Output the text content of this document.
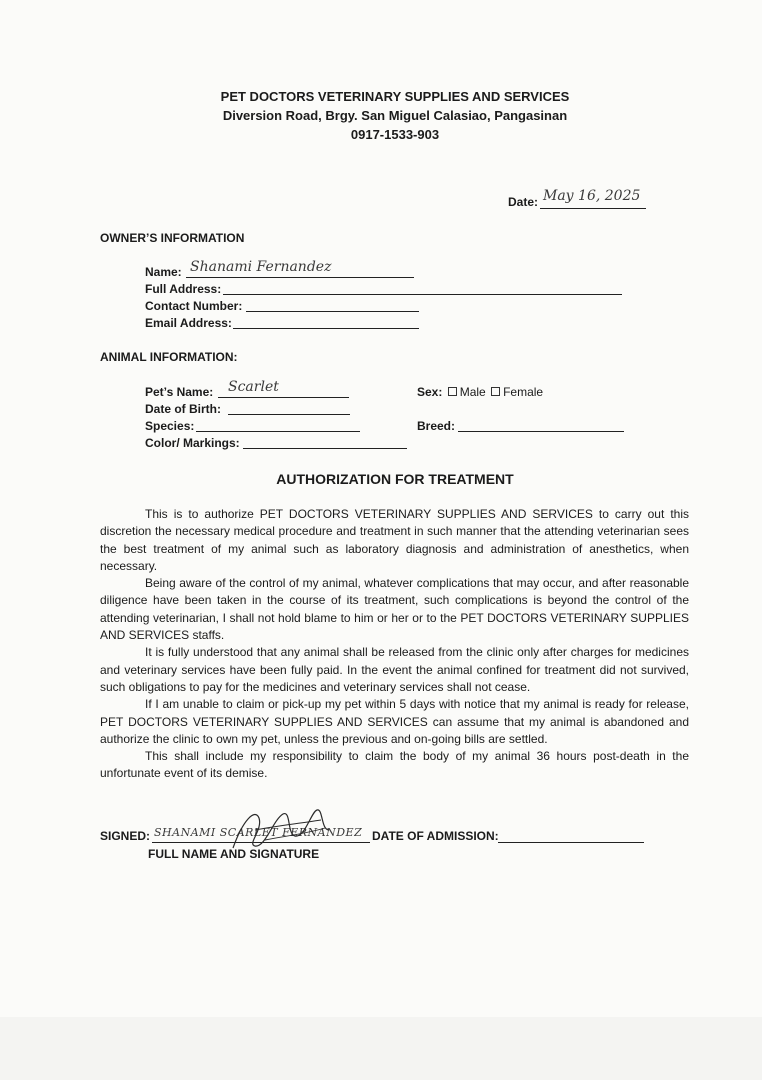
PET DOCTORS VETERINARY SUPPLIES AND SERVICES
Diversion Road, Brgy. San Miguel Calasiao, Pangasinan
0917-1533-903
Date: May 16, 2025
OWNER’S INFORMATION
Name: Shanami Fernandez
Full Address:
Contact Number:
Email Address:
ANIMAL INFORMATION:
Pet’s Name: Scarlet
Date of Birth:
Species:
Color/ Markings:
Sex: Male Female
Breed:
AUTHORIZATION FOR TREATMENT

This is to authorize PET DOCTORS VETERINARY SUPPLIES AND SERVICES to carry out this discretion the necessary medical procedure and treatment in such manner that the attending veterinarian sees the best treatment of my animal such as laboratory diagnosis and administration of anesthetics, when necessary.

Being aware of the control of my animal, whatever complications that may occur, and after reasonable diligence have been taken in the course of its treatment, such complications is beyond the control of the attending veterinarian, I shall not hold blame to him or her or to the PET DOCTORS VETERINARY SUPPLIES AND SERVICES staffs.

It is fully understood that any animal shall be released from the clinic only after charges for medicines and veterinary services have been fully paid. In the event the animal confined for treatment did not survived, such obligations to pay for the medicines and veterinary services shall not cease.

If I am unable to claim or pick-up my pet within 5 days with notice that my animal is ready for release, PET DOCTORS VETERINARY SUPPLIES AND SERVICES can assume that my animal is abandoned and authorize the clinic to own my pet, unless the previous and on-going bills are settled.

This shall include my responsibility to claim the body of my animal 36 hours post-death in the unfortunate event of its demise.

SIGNED: SHANAMI SCARLET FERNANDEZ
FULL NAME AND SIGNATURE
DATE OF ADMISSION:
